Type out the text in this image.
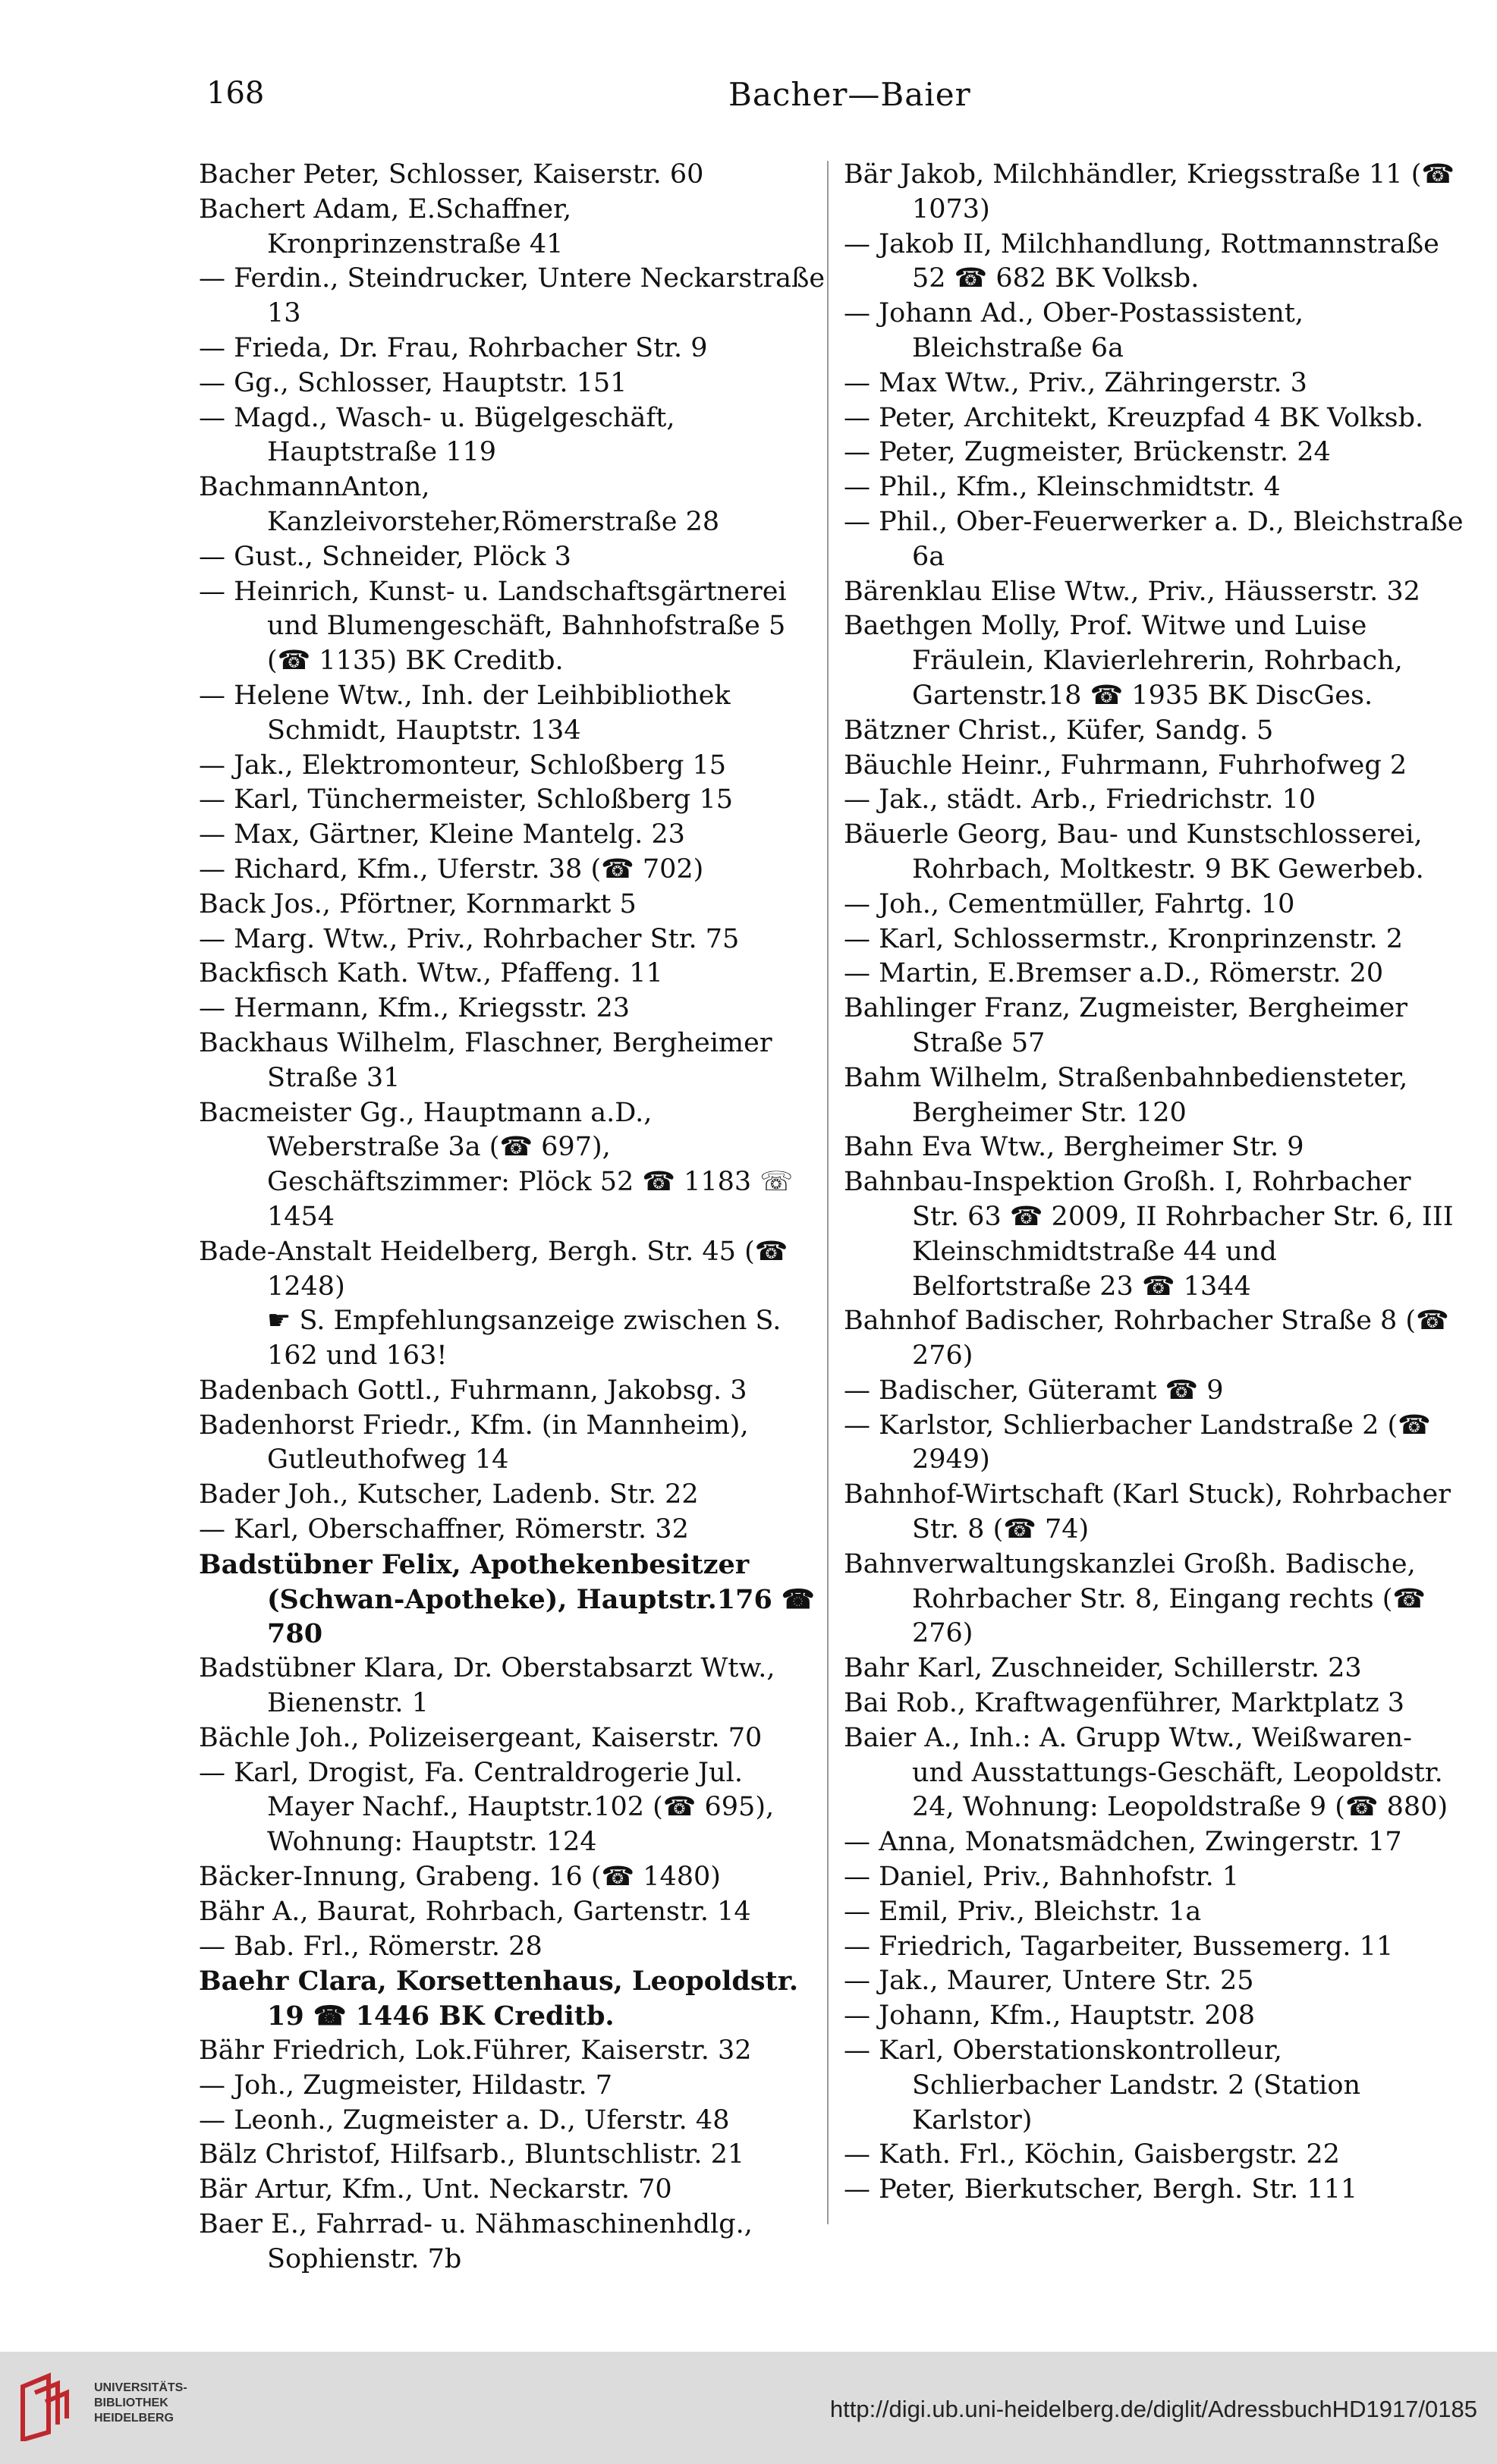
168	Bacher—Baier

Bacher Peter, Schlosser, Kaiserstr. 60

Bachert Adam, E.Schaffner, Kronprinzenstraße 41

— Ferdin., Steindrucker, Untere Neckarstraße 13

— Frieda, Dr. Frau, Rohrbacher Str. 9

— Gg., Schlosser, Hauptstr. 151

— Magd., Wasch- u. Bügelgeschäft, Hauptstraße 119

BachmannAnton, Kanzleivorsteher,Römerstraße 28

— Gust., Schneider, Plöck 3

— Heinrich, Kunst- u. Landschaftsgärtnerei und Blumengeschäft, Bahnhofstraße 5 (☎ 1135) BK Creditb.

— Helene Wtw., Inh. der Leihbibliothek Schmidt, Hauptstr. 134

— Jak., Elektromonteur, Schloßberg 15

— Karl, Tünchermeister, Schloßberg 15

— Max, Gärtner, Kleine Mantelg. 23

— Richard, Kfm., Uferstr. 38 (☎ 702)

Back Jos., Pförtner, Kornmarkt 5

— Marg. Wtw., Priv., Rohrbacher Str. 75

Backfisch Kath. Wtw., Pfaffeng. 11

— Hermann, Kfm., Kriegsstr. 23

Backhaus Wilhelm, Flaschner, Bergheimer Straße 31

Bacmeister Gg., Hauptmann a.D., Weberstraße 3a (☎ 697), Geschäftszimmer: Plöck 52 ☎ 1183 ☏ 1454

Bade-Anstalt Heidelberg, Bergh. Str. 45 (☎ 1248)

☛ S. Empfehlungsanzeige zwischen S. 162 und 163!

Badenbach Gottl., Fuhrmann, Jakobsg. 3

Badenhorst Friedr., Kfm. (in Mannheim), Gutleuthofweg 14

Bader Joh., Kutscher, Ladenb. Str. 22

— Karl, Oberschaffner, Römerstr. 32

Badstübner Felix, Apothekenbesitzer (Schwan-Apotheke), Hauptstr.176 ☎ 780

Badstübner Klara, Dr. Oberstabsarzt Wtw., Bienenstr. 1

Bächle Joh., Polizeisergeant, Kaiserstr. 70

— Karl, Drogist, Fa. Centraldrogerie Jul. Mayer Nachf., Hauptstr.102 (☎ 695), Wohnung: Hauptstr. 124

Bäcker-Innung, Grabeng. 16 (☎ 1480)

Bähr A., Baurat, Rohrbach, Gartenstr. 14

— Bab. Frl., Römerstr. 28

Baehr Clara, Korsettenhaus, Leopoldstr. 19 ☎ 1446 BK Creditb.

Bähr Friedrich, Lok.Führer, Kaiserstr. 32

— Joh., Zugmeister, Hildastr. 7

— Leonh., Zugmeister a. D., Uferstr. 48

Bälz Christof, Hilfsarb., Bluntschlistr. 21

Bär Artur, Kfm., Unt. Neckarstr. 70

Baer E., Fahrrad- u. Nähmaschinenhdlg., Sophienstr. 7b

Bär Jakob, Milchhändler, Kriegsstraße 11 (☎ 1073)

— Jakob II, Milchhandlung, Rottmannstraße 52 ☎ 682 BK Volksb.

— Johann Ad., Ober-Postassistent, Bleichstraße 6a

— Max Wtw., Priv., Zähringerstr. 3

— Peter, Architekt, Kreuzpfad 4 BK Volksb.

— Peter, Zugmeister, Brückenstr. 24

— Phil., Kfm., Kleinschmidtstr. 4

— Phil., Ober-Feuerwerker a. D., Bleichstraße 6a

Bärenklau Elise Wtw., Priv., Häusserstr. 32

Baethgen Molly, Prof. Witwe und Luise Fräulein, Klavierlehrerin, Rohrbach, Gartenstr.18 ☎ 1935 BK DiscGes.

Bätzner Christ., Küfer, Sandg. 5

Bäuchle Heinr., Fuhrmann, Fuhrhofweg 2

— Jak., städt. Arb., Friedrichstr. 10

Bäuerle Georg, Bau- und Kunstschlosserei, Rohrbach, Moltkestr. 9 BK Gewerbeb.

— Joh., Cementmüller, Fahrtg. 10

— Karl, Schlossermstr., Kronprinzenstr. 2

— Martin, E.Bremser a.D., Römerstr. 20

Bahlinger Franz, Zugmeister, Bergheimer Straße 57

Bahm Wilhelm, Straßenbahnbediensteter, Bergheimer Str. 120

Bahn Eva Wtw., Bergheimer Str. 9

Bahnbau-Inspektion Großh. I, Rohrbacher Str. 63 ☎ 2009, II Rohrbacher Str. 6, III Kleinschmidtstraße 44 und Belfortstraße 23 ☎ 1344

Bahnhof Badischer, Rohrbacher Straße 8 (☎ 276)

— Badischer, Güteramt ☎ 9

— Karlstor, Schlierbacher Landstraße 2 (☎ 2949)

Bahnhof-Wirtschaft (Karl Stuck), Rohrbacher Str. 8 (☎ 74)

Bahnverwaltungskanzlei Großh. Badische, Rohrbacher Str. 8, Eingang rechts (☎ 276)

Bahr Karl, Zuschneider, Schillerstr. 23

Bai Rob., Kraftwagenführer, Marktplatz 3

Baier A., Inh.: A. Grupp Wtw., Weißwaren- und Ausstattungs-Geschäft, Leopoldstr. 24, Wohnung: Leopoldstraße 9 (☎ 880)

— Anna, Monatsmädchen, Zwingerstr. 17

— Daniel, Priv., Bahnhofstr. 1

— Emil, Priv., Bleichstr. 1a

— Friedrich, Tagarbeiter, Bussemerg. 11

— Jak., Maurer, Untere Str. 25

— Johann, Kfm., Hauptstr. 208

— Karl, Oberstationskontrolleur, Schlierbacher Landstr. 2 (Station Karlstor)

— Kath. Frl., Köchin, Gaisbergstr. 22

— Peter, Bierkutscher, Bergh. Str. 111

UNIVERSITÄTS-
BIBLIOTHEK
HEIDELBERG	http://digi.ub.uni-heidelberg.de/diglit/AdressbuchHD1917/0185
